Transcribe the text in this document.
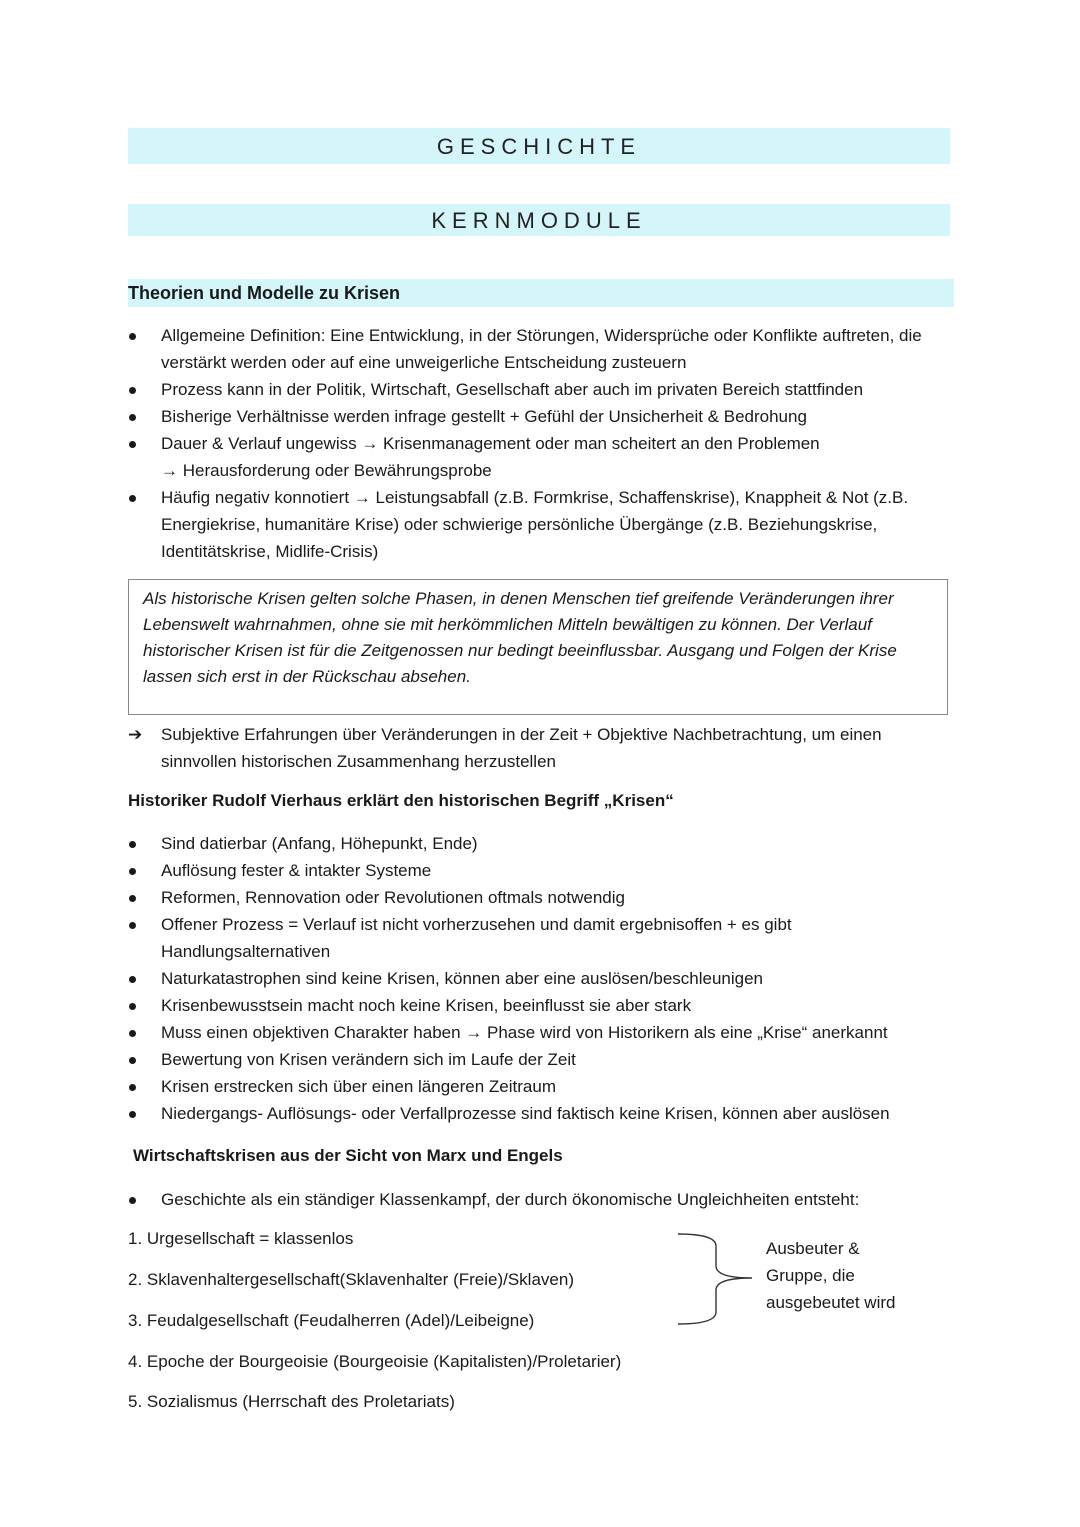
GESCHICHTE
KERNMODULE
Theorien und Modelle zu Krisen
Allgemeine Definition: Eine Entwicklung, in der Störungen, Widersprüche oder Konflikte auftreten, die verstärkt werden oder auf eine unweigerliche Entscheidung zusteuern
Prozess kann in der Politik, Wirtschaft, Gesellschaft aber auch im privaten Bereich stattfinden
Bisherige Verhältnisse werden infrage gestellt + Gefühl der Unsicherheit & Bedrohung
Dauer & Verlauf ungewiss → Krisenmanagement oder man scheitert an den Problemen
→ Herausforderung oder Bewährungsprobe
Häufig negativ konnotiert → Leistungsabfall (z.B. Formkrise, Schaffenskrise), Knappheit & Not (z.B. Energiekrise, humanitäre Krise) oder schwierige persönliche Übergänge (z.B. Beziehungskrise, Identitätskrise, Midlife-Crisis)
Als historische Krisen gelten solche Phasen, in denen Menschen tief greifende Veränderungen ihrer Lebenswelt wahrnahmen, ohne sie mit herkömmlichen Mitteln bewältigen zu können. Der Verlauf historischer Krisen ist für die Zeitgenossen nur bedingt beeinflussbar. Ausgang und Folgen der Krise lassen sich erst in der Rückschau absehen.
➔ Subjektive Erfahrungen über Veränderungen in der Zeit + Objektive Nachbetrachtung, um einen sinnvollen historischen Zusammenhang herzustellen
Historiker Rudolf Vierhaus erklärt den historischen Begriff „Krisen“
Sind datierbar (Anfang, Höhepunkt, Ende)
Auflösung fester & intakter Systeme
Reformen, Rennovation oder Revolutionen oftmals notwendig
Offener Prozess = Verlauf ist nicht vorherzusehen und damit ergebnisoffen + es gibt Handlungsalternativen
Naturkatastrophen sind keine Krisen, können aber eine auslösen/beschleunigen
Krisenbewusstsein macht noch keine Krisen, beeinflusst sie aber stark
Muss einen objektiven Charakter haben → Phase wird von Historikern als eine „Krise“ anerkannt
Bewertung von Krisen verändern sich im Laufe der Zeit
Krisen erstrecken sich über einen längeren Zeitraum
Niedergangs- Auflösungs- oder Verfallprozesse sind faktisch keine Krisen, können aber auslösen
Wirtschaftskrisen aus der Sicht von Marx und Engels
Geschichte als ein ständiger Klassenkampf, der durch ökonomische Ungleichheiten entsteht:
1. Urgesellschaft = klassenlos
2. Sklavenhaltergesellschaft(Sklavenhalter (Freie)/Sklaven)
3. Feudalgesellschaft (Feudalherren (Adel)/Leibeigne)
4. Epoche der Bourgeoisie (Bourgeoisie (Kapitalisten)/Proletarier)
5. Sozialismus (Herrschaft des Proletariats)
Ausbeuter &
Gruppe, die
ausgebeutet wird
